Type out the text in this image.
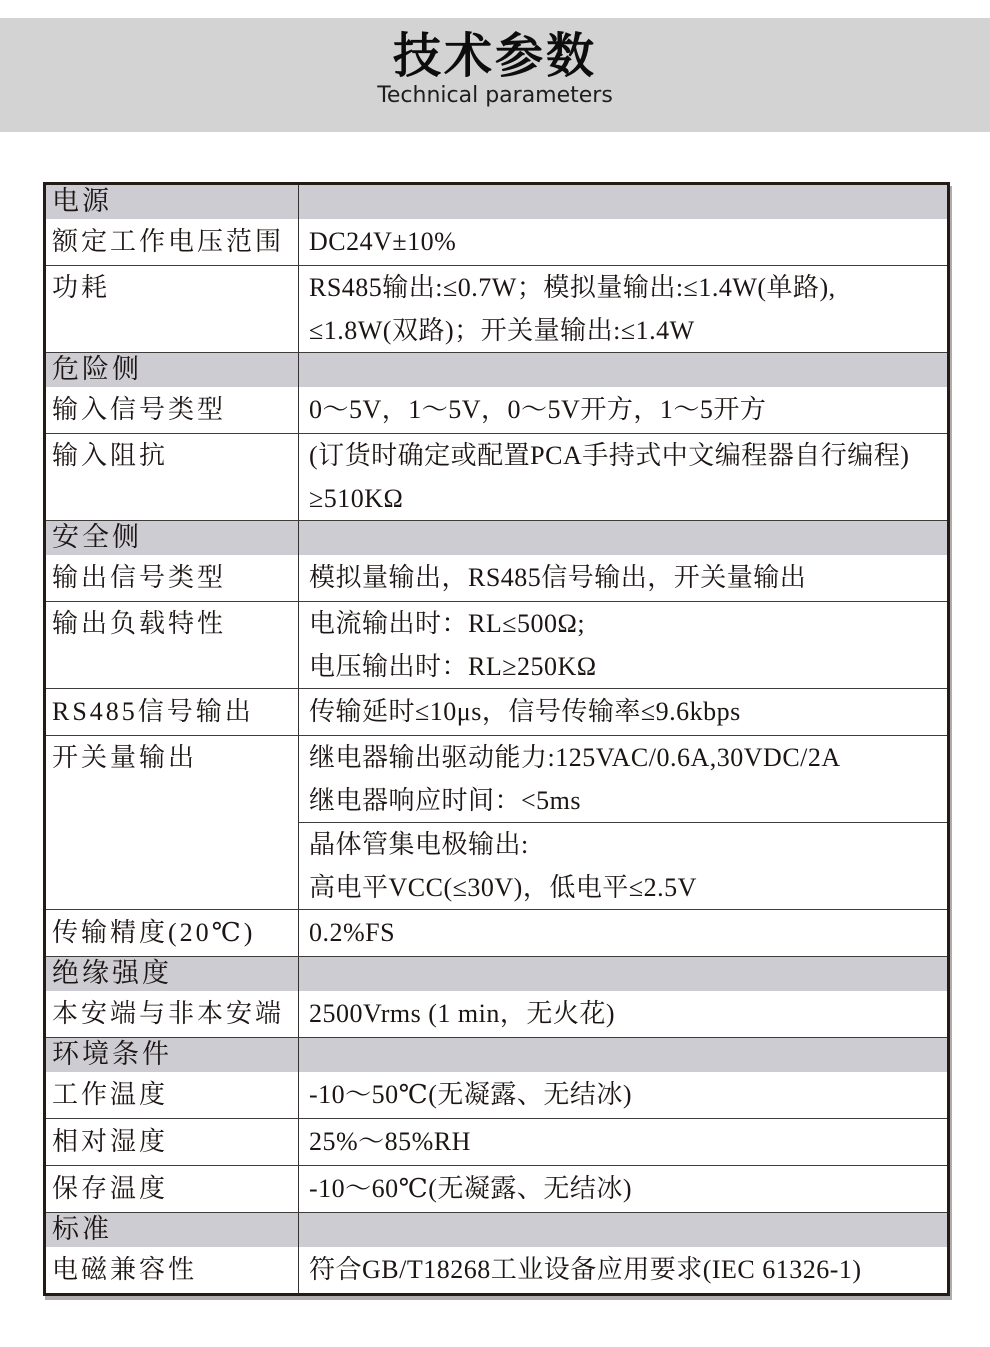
技术参数
Technical parameters
电源
额定工作电压范围 DC24V±10%
功耗	RS485输出:≤0.7W；模拟量输出:≤1.4W(单路),
≤1.8W(双路)；开关量输出:≤1.4W
危险侧
输入信号类型	0～5V，1～5V，0～5V开方，1～5开方
输入阻抗	(订货时确定或配置PCA手持式中文编程器自行编程)
≥510KΩ
安全侧
输出信号类型	模拟量输出，RS485信号输出，开关量输出
输出负载特性	电流输出时：RL≤500Ω;
电压输出时：RL≥250KΩ
RS485信号输出	传输延时≤10μs，信号传输率≤9.6kbps
开关量输出	继电器输出驱动能力:125VAC/0.6A,30VDC/2A
继电器响应时间：<5ms
晶体管集电极输出:
高电平VCC(≤30V)，低电平≤2.5V
传输精度(20℃)	0.2%FS
绝缘强度
本安端与非本安端 2500Vrms (1 min，无火花)
环境条件
工作温度	-10～50℃(无凝露、无结冰)
相对湿度	25%～85%RH
保存温度	-10～60℃(无凝露、无结冰)
标准
电磁兼容性	符合GB/T18268工业设备应用要求(IEC 61326-1)
